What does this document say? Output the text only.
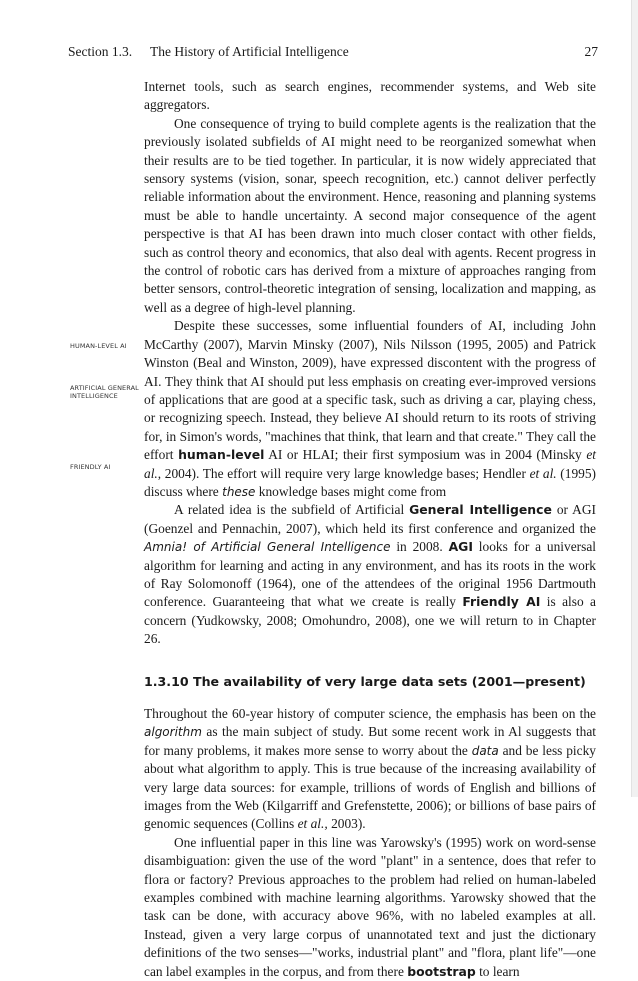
Section 1.3. The History of Artificial Intelligence	27
HUMAN-LEVEL AI
ARTIFICIAL GENERAL INTELLIGENCE
FRIENDLY AI

Internet tools, such as search engines, recommender systems, and Web site aggregators.

One consequence of trying to build complete agents is the realization that the previously isolated subfields of AI might need to be reorganized somewhat when their results are to be tied together. In particular, it is now widely appreciated that sensory systems (vision, sonar, speech recognition, etc.) cannot deliver perfectly reliable information about the environment. Hence, reasoning and planning systems must be able to handle uncertainty. A second major consequence of the agent perspective is that AI has been drawn into much closer contact with other fields, such as control theory and economics, that also deal with agents. Recent progress in the control of robotic cars has derived from a mixture of approaches ranging from better sensors, control-theoretic integration of sensing, localization and mapping, as well as a degree of high-level planning.

Despite these successes, some influential founders of AI, including John McCarthy (2007), Marvin Minsky (2007), Nils Nilsson (1995, 2005) and Patrick Winston (Beal and Winston, 2009), have expressed discontent with the progress of AI. They think that AI should put less emphasis on creating ever-improved versions of applications that are good at a specific task, such as driving a car, playing chess, or recognizing speech. Instead, they believe AI should return to its roots of striving for, in Simon's words, "machines that think, that learn and that create." They call the effort human-level AI or HLAI; their first symposium was in 2004 (Minsky et al., 2004). The effort will require very large knowledge bases; Hendler et al. (1995) discuss where these knowledge bases might come from

A related idea is the subfield of Artificial General Intelligence or AGI (Goenzel and Pennachin, 2007), which held its first conference and organized the Amnia! of Artificial General Intelligence in 2008. AGI looks for a universal algorithm for learning and acting in any environment, and has its roots in the work of Ray Solomonoff (1964), one of the attendees of the original 1956 Dartmouth conference. Guaranteeing that what we create is really Friendly AI is also a concern (Yudkowsky, 2008; Omohundro, 2008), one we will return to in Chapter 26.

1.3.10 The availability of very large data sets (2001—present)

Throughout the 60-year history of computer science, the emphasis has been on the algorithm as the main subject of study. But some recent work in Al suggests that for many problems, it makes more sense to worry about the data and be less picky about what algorithm to apply. This is true because of the increasing availability of very large data sources: for example, trillions of words of English and billions of images from the Web (Kilgarriff and Grefenstette, 2006); or billions of base pairs of genomic sequences (Collins et al., 2003).

One influential paper in this line was Yarowsky's (1995) work on word-sense disambiguation: given the use of the word "plant" in a sentence, does that refer to flora or factory? Previous approaches to the problem had relied on human-labeled examples combined with machine learning algorithms. Yarowsky showed that the task can be done, with accuracy above 96%, with no labeled examples at all. Instead, given a very large corpus of unannotated text and just the dictionary definitions of the two senses—"works, industrial plant" and "flora, plant life"—one can label examples in the corpus, and from there bootstrap to learn
